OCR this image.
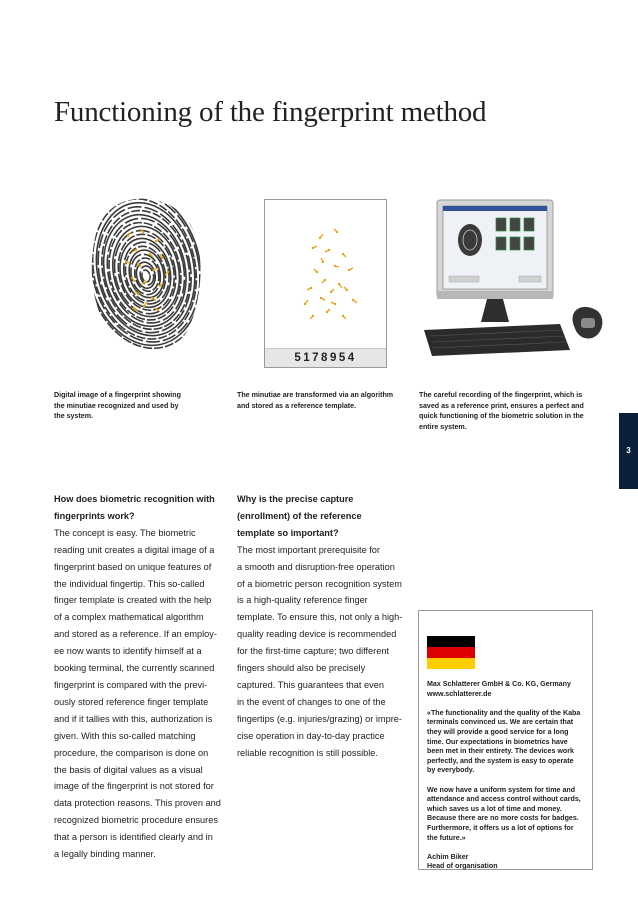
Functioning of the fingerprint method
5178954
Digital image of a fingerprint showing
the minutiae recognized and used by
the system.
The minutiae are transformed via an algorithm
and stored as a reference template.
The careful recording of the fingerprint, which is
saved as a reference print, ensures a perfect and
quick functioning of the biometric solution in the
entire system.
3
How does biometric recognition with
fingerprints work?
The concept is easy. The biometric
reading unit creates a digital image of a
fingerprint based on unique features of
the individual fingertip. This so-called
finger template is created with the help
of a complex mathematical algorithm
and stored as a reference. If an employ-
ee now wants to identify himself at a
booking terminal, the currently scanned
fingerprint is compared with the previ-
ously stored reference finger template
and if it tallies with this, authorization is
given. With this so-called matching
procedure, the comparison is done on
the basis of digital values as a visual
image of the fingerprint is not stored for
data protection reasons. This proven and
recognized biometric procedure ensures
that a person is identified clearly and in
a legally binding manner.
Why is the precise capture
(enrollment) of the reference
template so important?
The most important prerequisite for
a smooth and disruption-free operation
of a biometric person recognition system
is a high-quality reference finger
template. To ensure this, not only a high-
quality reading device is recommended
for the first-time capture; two different
fingers should also be precisely
captured. This guarantees that even
in the event of changes to one of the
fingertips (e.g. injuries/grazing) or impre-
cise operation in day-to-day practice
reliable recognition is still possible.

Max Schlatterer GmbH & Co. KG, Germany
www.schlatterer.de

«The functionality and the quality of the Kaba
terminals convinced us. We are certain that
they will provide a good service for a long
time. Our expectations in biometrics have
been met in their entirety. The devices work
perfectly, and the system is easy to operate
by everybody.

We now have a uniform system for time and
attendance and access control without cards,
which saves us a lot of time and money.
Because there are no more costs for badges.
Furthermore, it offers us a lot of options for
the future.»

Achim Biker
Head of organisation
